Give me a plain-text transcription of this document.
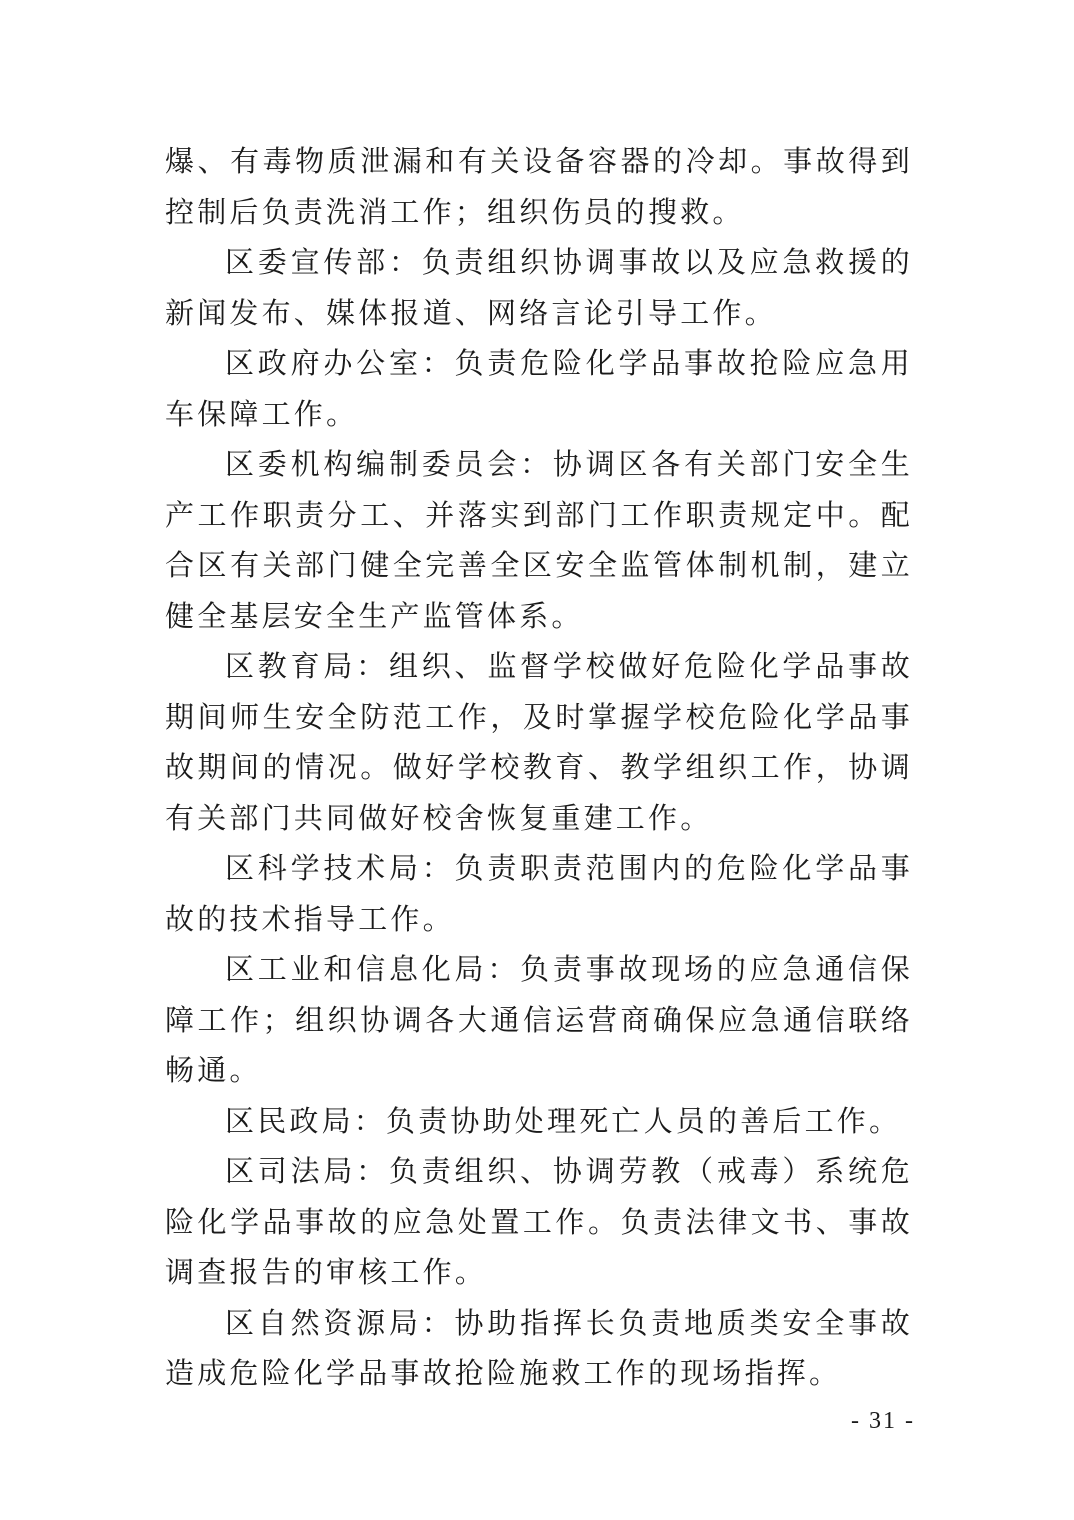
爆、有毒物质泄漏和有关设备容器的冷却。事故得到控制后负责洗消工作；组织伤员的搜救。

区委宣传部：负责组织协调事故以及应急救援的新闻发布、媒体报道、网络言论引导工作。

区政府办公室：负责危险化学品事故抢险应急用车保障工作。

区委机构编制委员会：协调区各有关部门安全生产工作职责分工、并落实到部门工作职责规定中。配合区有关部门健全完善全区安全监管体制机制，建立健全基层安全生产监管体系。

区教育局：组织、监督学校做好危险化学品事故期间师生安全防范工作，及时掌握学校危险化学品事故期间的情况。做好学校教育、教学组织工作，协调有关部门共同做好校舍恢复重建工作。

区科学技术局：负责职责范围内的危险化学品事故的技术指导工作。

区工业和信息化局：负责事故现场的应急通信保障工作；组织协调各大通信运营商确保应急通信联络畅通。

区民政局：负责协助处理死亡人员的善后工作。

区司法局：负责组织、协调劳教（戒毒）系统危险化学品事故的应急处置工作。负责法律文书、事故调查报告的审核工作。

区自然资源局：协助指挥长负责地质类安全事故造成危险化学品事故抢险施救工作的现场指挥。

- 31 -
